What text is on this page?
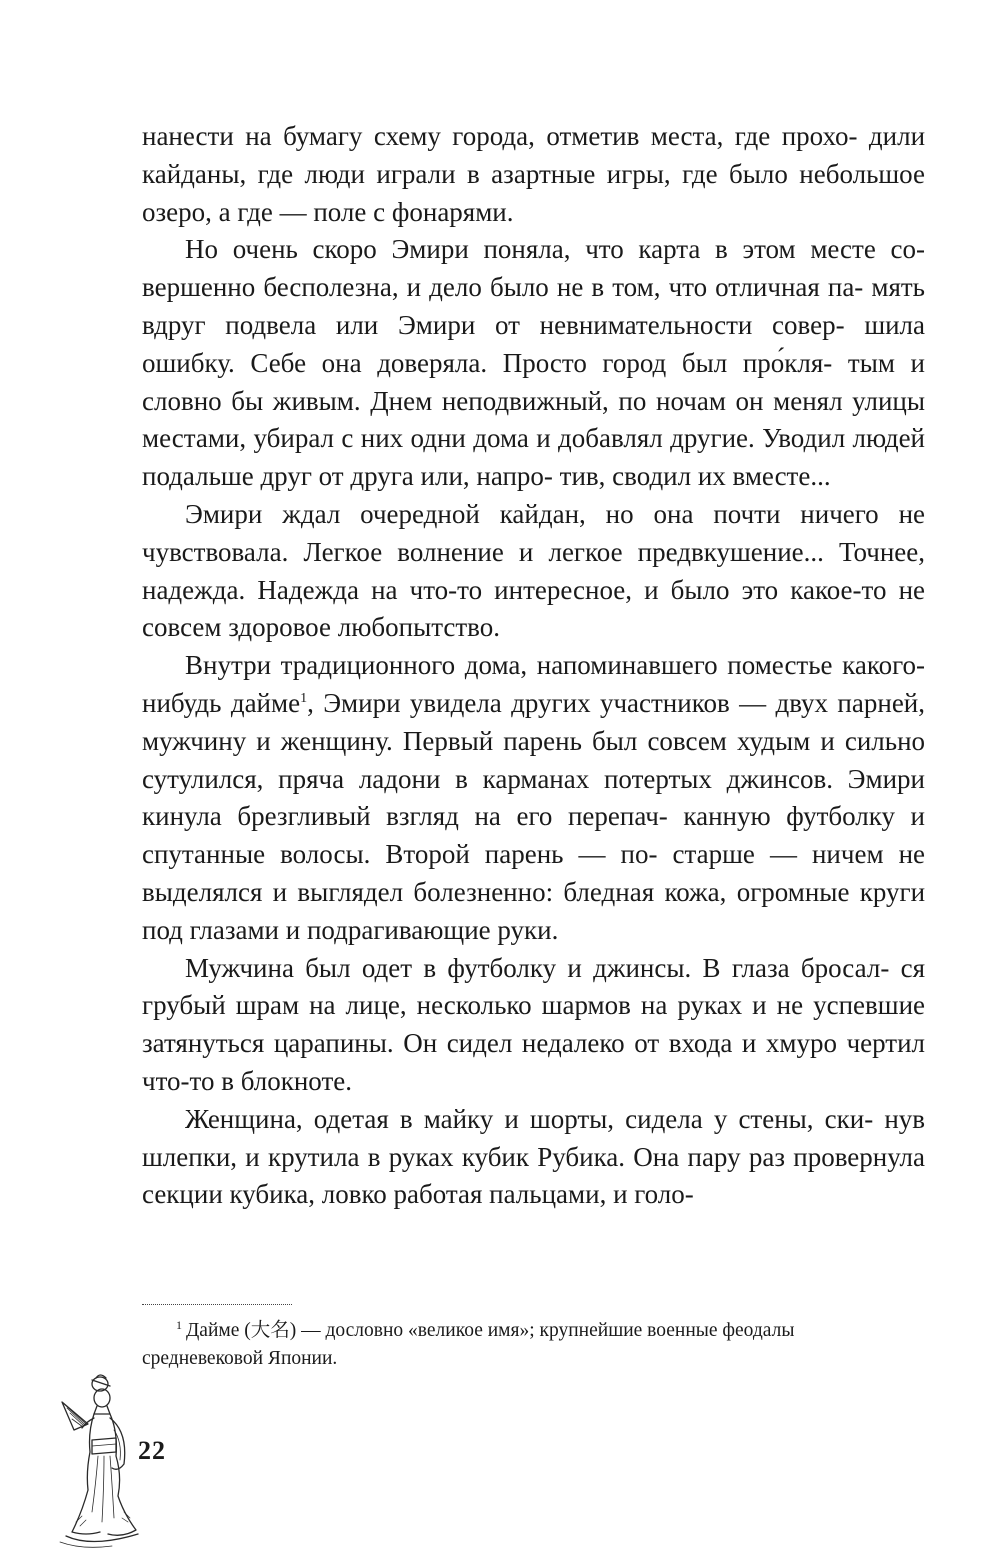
нанести на бумагу схему города, отметив места, где прохо- дили кайданы, где люди играли в азартные игры, где было небольшое озеро, а где — поле с фонарями.

Но очень скоро Эмири поняла, что карта в этом месте со- вершенно бесполезна, и дело было не в том, что отличная па- мять вдруг подвела или Эмири от невнимательности совер- шила ошибку. Себе она доверяла. Просто город был про́кля- тым и словно бы живым. Днем неподвижный, по ночам он менял улицы местами, убирал с них одни дома и добавлял другие. Уводил людей подальше друг от друга или, напро- тив, сводил их вместе...

Эмири ждал очередной кайдан, но она почти ничего не чувствовала. Легкое волнение и легкое предвкушение... Точнее, надежда. Надежда на что-то интересное, и было это какое-то не совсем здоровое любопытство.

Внутри традиционного дома, напоминавшего поместье какого-нибудь дайме$^1$, Эмири увидела других участников — двух парней, мужчину и женщину. Первый парень был совсем худым и сильно сутулился, пряча ладони в карманах потертых джинсов. Эмири кинула брезгливый взгляд на его перепач- канную футболку и спутанные волосы. Второй парень — по- старше — ничем не выделялся и выглядел болезненно: бледная кожа, огромные круги под глазами и подрагивающие руки.

Мужчина был одет в футболку и джинсы. В глаза бросал- ся грубый шрам на лице, несколько шармов на руках и не успевшие затянуться царапины. Он сидел недалеко от входа и хмуро чертил что-то в блокноте.

Женщина, одетая в майку и шорты, сидела у стены, ски- нув шлепки, и крутила в руках кубик Рубика. Она пару раз провернула секции кубика, ловко работая пальцами, и голо-

$^1$ Дайме (大名) — дословно «великое имя»; крупнейшие военные феодалы
средневековой Японии.
22
